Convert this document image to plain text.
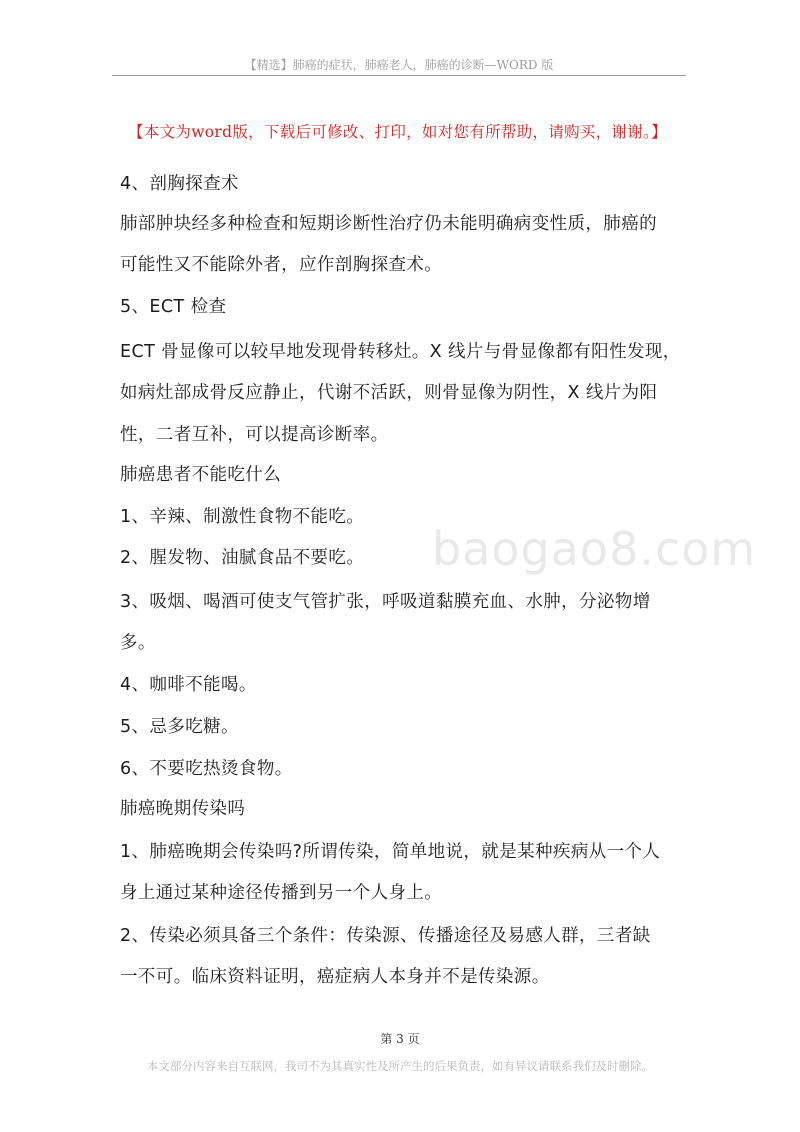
【精选】肺癌的症状，肺癌老人，肺癌的诊断—WORD 版
【本文为word版，下载后可修改、打印，如对您有所帮助，请购买，谢谢。】
baogao8.com
4、剖胸探查术
肺部肿块经多种检查和短期诊断性治疗仍未能明确病变性质，肺癌的
可能性又不能除外者，应作剖胸探查术。
5、ECT 检查
ECT 骨显像可以较早地发现骨转移灶。X 线片与骨显像都有阳性发现，
如病灶部成骨反应静止，代谢不活跃，则骨显像为阴性，X 线片为阳
性，二者互补，可以提高诊断率。
肺癌患者不能吃什么
1、辛辣、制激性食物不能吃。
2、腥发物、油腻食品不要吃。
3、吸烟、喝酒可使支气管扩张，呼吸道黏膜充血、水肿，分泌物增
多。
4、咖啡不能喝。
5、忌多吃糖。
6、不要吃热烫食物。
肺癌晚期传染吗
1、肺癌晚期会传染吗?所谓传染，简单地说，就是某种疾病从一个人
身上通过某种途径传播到另一个人身上。
2、传染必须具备三个条件：传染源、传播途径及易感人群，三者缺
一不可。临床资料证明，癌症病人本身并不是传染源。
第 3 页
本文部分内容来自互联网，我司不为其真实性及所产生的后果负责，如有异议请联系我们及时删除。
